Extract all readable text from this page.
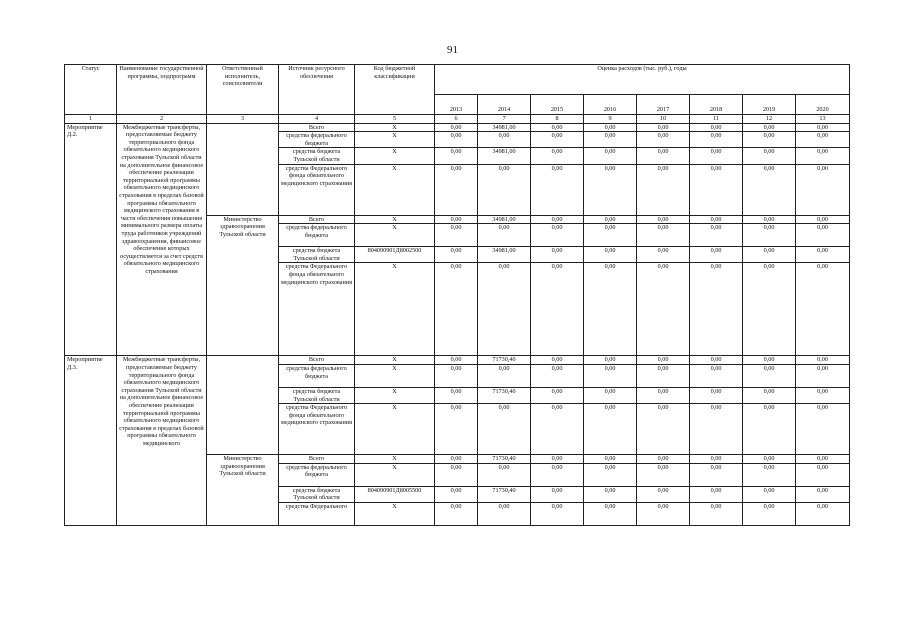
91
Статус	Наименование государственной программы, подпрограмм	Ответственный исполнитель, соисполнители	Источник ресурсного обеспечения	Код бюджетной классификации	Оценка расходов (тыс. руб.), годы							
					2013	2014	2015	2016	2017	2018	2019	2020
1	2	3	4	5	6	7	8	9	10	11	12	13
Мероприятие Д.2.	Межбюджетные трансферты, предоставляемые бюджету территориального фонда обязательного медицинского страхования Тульской области на дополнительное финансовое обеспечение реализации территориальной программы обязательного медицинского страхования в пределах базовой программы обязательного медицинского страхования в части обеспечения повышения минимального размера оплаты труда работников учреждений здравоохранения, финансовое обеспечение которых осуществляется за счет средств обязательного медицинского страхования		Всего	X	0,00	34981,00	0,00	0,00	0,00	0,00	0,00	0,00
			средства федерального бюджета	X	0,00	0,00	0,00	0,00	0,00	0,00	0,00	0,00
			средства бюджета Тульской области	X	0,00	34981,00	0,00	0,00	0,00	0,00	0,00	0,00
			средства Федерального фонда обязательного медицинского страхования	X	0,00	0,00	0,00	0,00	0,00	0,00	0,00	0,00
		Министерство здравоохранения Тульской области	Всего	X	0,00	34981,00	0,00	0,00	0,00	0,00	0,00	0,00
			средства федерального бюджета	X	0,00	0,00	0,00	0,00	0,00	0,00	0,00	0,00
			средства бюджета Тульской области	804090901Д8002500	0,00	34981,00	0,00	0,00	0,00	0,00	0,00	0,00
			средства Федерального фонда обязательного медицинского страхования	X	0,00	0,00	0,00	0,00	0,00	0,00	0,00	0,00
Мероприятие Д.3.	Межбюджетные трансферты, предоставляемые бюджету территориального фонда обязательного медицинского страхования Тульской области на дополнительное финансовое обеспечение реализации территориальной программы обязательного медицинского страхования в пределах базовой программы обязательного медицинского		Всего	X	0,00	71730,40	0,00	0,00	0,00	0,00	0,00	0,00
			средства федерального бюджета	X	0,00	0,00	0,00	0,00	0,00	0,00	0,00	0,00
			средства бюджета Тульской области	X	0,00	71730,40	0,00	0,00	0,00	0,00	0,00	0,00
			средства Федерального фонда обязательного медицинского страхования	X	0,00	0,00	0,00	0,00	0,00	0,00	0,00	0,00
		Министерство здравоохранения Тульской области	Всего	X	0,00	71730,40	0,00	0,00	0,00	0,00	0,00	0,00
			средства федерального бюджета	X	0,00	0,00	0,00	0,00	0,00	0,00	0,00	0,00
			средства бюджета Тульской области	804090901Д8005500	0,00	71730,40	0,00	0,00	0,00	0,00	0,00	0,00
			средства Федерального	X	0,00	0,00	0,00	0,00	0,00	0,00	0,00	0,00
